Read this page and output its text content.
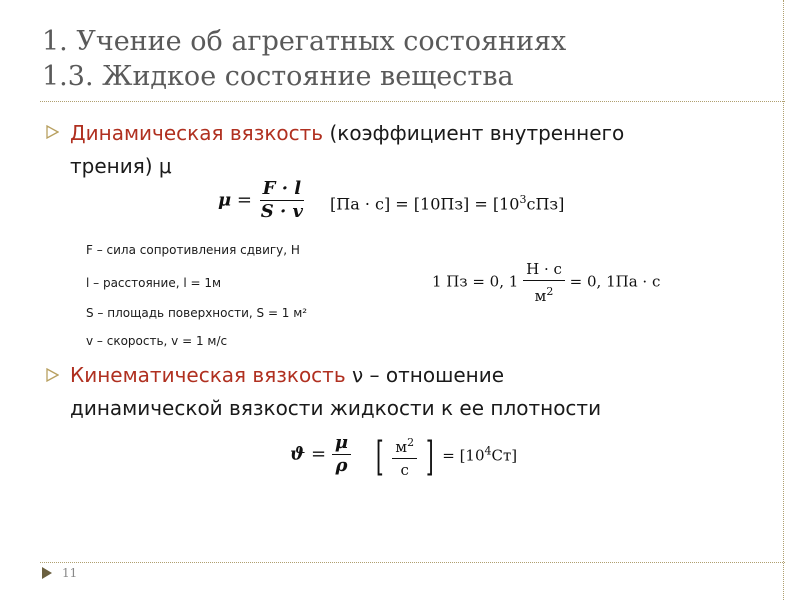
1. Учение об агрегатных состояниях
1.3. Жидкое состояние вещества
Динамическая вязкость (коэффициент внутреннего
трения) μ
$\mu = \frac{F \cdot l}{S \cdot v} [Па \cdot с] = [10Пз] = [10^3сПз]$
F – сила сопротивления сдвигу, Н
l – расстояние, l = 1м
S – площадь поверхности, S = 1 м²
v – скорость, v = 1 м/с
1 Пз = 0, $1 \frac{Н \cdot с}{м^2} = 0$, 1Па · с
Кинематическая вязкость ν – отношение
динамической вязкости жидкости к ее плотности
$ϑ = \frac{\mu}{\rho}$ [ $\frac{м^2}{с}$ ] = $[10^4Ст]$
11
